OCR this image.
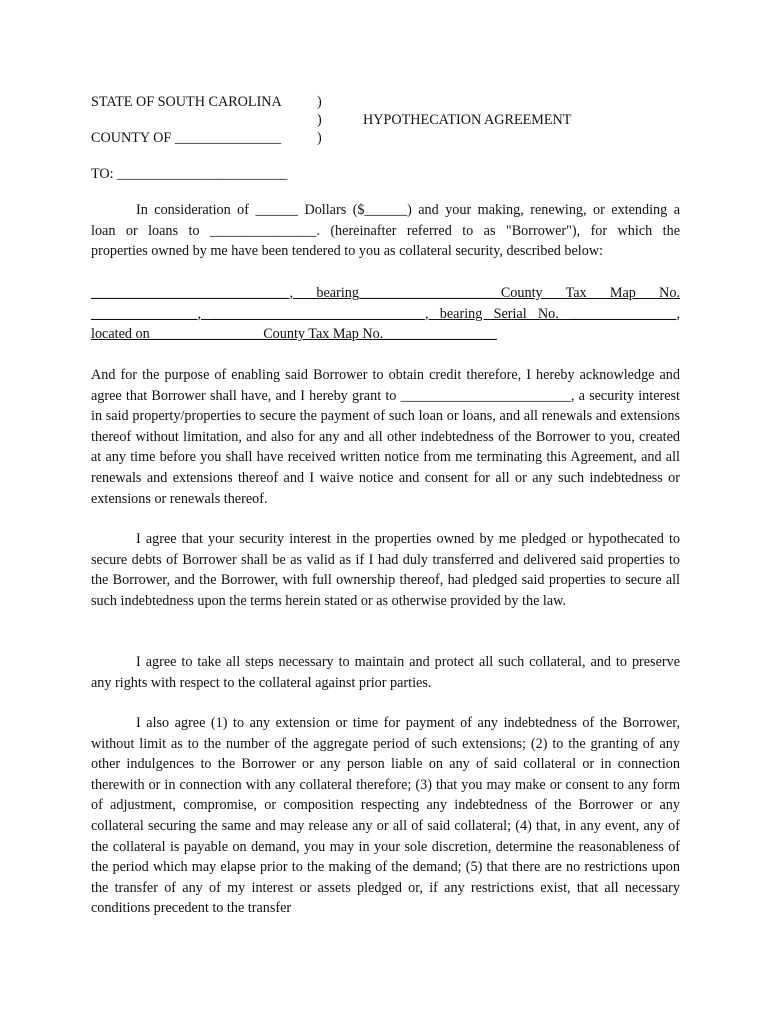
STATE OF SOUTH CAROLINA
COUNTY OF _______________
)
)
)
HYPOTHECATION AGREEMENT
TO: ________________________
In consideration of ______ Dollars ($______) and your making, renewing, or extending a
loan or loans to _______________. (hereinafter referred to as "Borrower"), for which the
properties owned by me have been tendered to you as collateral security, described below:
____________________________, bearing____________________County Tax Map No.
_______________, ______________________________, bearing Serial No. _______________,
located on________________County Tax Map No.________________

And for the purpose of enabling said Borrower to obtain credit therefore, I hereby acknowledge and agree that Borrower shall have, and I hereby grant to ________________________, a security interest in said property/properties to secure the payment of such loan or loans, and all renewals and extensions thereof without limitation, and also for any and all other indebtedness of the Borrower to you, created at any time before you shall have received written notice from me terminating this Agreement, and all renewals and extensions thereof and I waive notice and consent for all or any such indebtedness or extensions or renewals thereof.

I agree that your security interest in the properties owned by me pledged or hypothecated to secure debts of Borrower shall be as valid as if I had duly transferred and delivered said properties to the Borrower, and the Borrower, with full ownership thereof, had pledged said properties to secure all such indebtedness upon the terms herein stated or as otherwise provided by the law.

I agree to take all steps necessary to maintain and protect all such collateral, and to preserve any rights with respect to the collateral against prior parties.

I also agree (1) to any extension or time for payment of any indebtedness of the Borrower, without limit as to the number of the aggregate period of such extensions; (2) to the granting of any other indulgences to the Borrower or any person liable on any of said collateral or in connection therewith or in connection with any collateral therefore; (3) that you may make or consent to any form of adjustment, compromise, or composition respecting any indebtedness of the Borrower or any collateral securing the same and may release any or all of said collateral; (4) that, in any event, any of the collateral is payable on demand, you may in your sole discretion, determine the reasonableness of the period which may elapse prior to the making of the demand; (5) that there are no restrictions upon the transfer of any of my interest or assets pledged or, if any restrictions exist, that all necessary conditions precedent to the transfer
